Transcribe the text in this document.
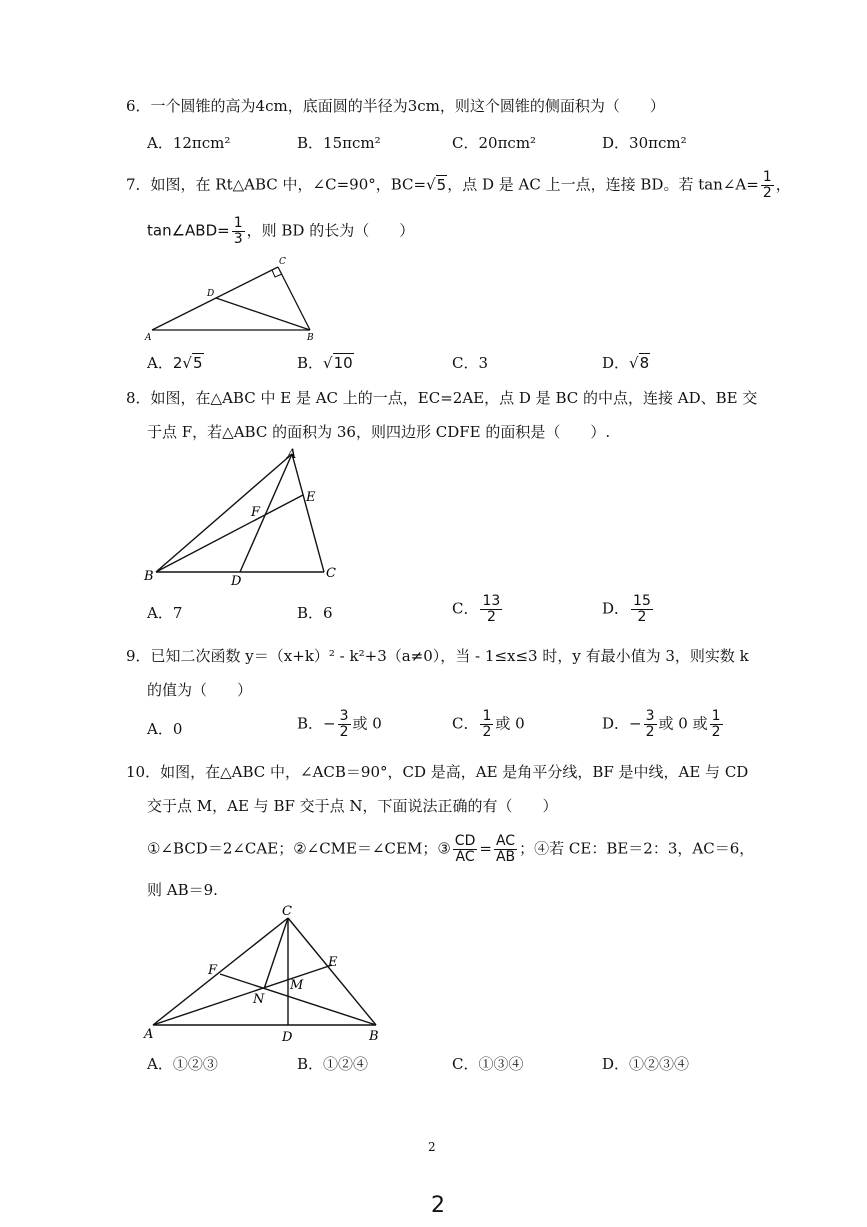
6．一个圆锥的高为4cm，底面圆的半径为3cm，则这个圆锥的侧面积为（　　）
A．12πcm²	B．15πcm²	C．20πcm²	D．30πcm²
7．如图，在 Rt△ABC 中，∠C=90°，BC=√5，点 D 是 AC 上一点，连接 BD。若 tan∠A= $\frac{1}{2}$ ，
tan∠ABD= $\frac{1}{3}$ ，则 BD 的长为（　　）
C
D
A	B
A．2√5	B．√10	C．3	D．√8
8．如图，在△ABC 中 E 是 AC 上的一点，EC=2AE，点 D 是 BC 的中点，连接 AD、BE 交
于点 F，若△ABC 的面积为 36，则四边形 CDFE 的面积是（　　）.
A
E
F
B	D
C
A．7	B．6	C． $\frac{13}{2}$	D． $\frac{15}{2}$
9．已知二次函数 y＝（x+k）² - k²+3（a≠0），当 - 1≤x≤3 时，y 有最小值为 3，则实数 k
的值为（　　）
A．0	B．− $\frac{3}{2}$ 或 0	C． $\frac{1}{2}$ 或 0	D．− $\frac{3}{2}$ 或 0 或 $\frac{1}{2}$
10．如图，在△ABC 中，∠ACB＝90°，CD 是高，AE 是角平分线，BF 是中线，AE 与 CD
交于点 M，AE 与 BF 交于点 N，下面说法正确的有（　　）
①∠BCD＝2∠CAE；②∠CME＝∠CEM；③ $\frac{CD}{AC} = \frac{AC}{AB}$ ；④若 CE：BE＝2：3，AC＝6，
则 AB＝9.
C
F
E
N
M
A	D	B
A．①②③	B．①②④	C．①③④	D．①②③④
2
2
